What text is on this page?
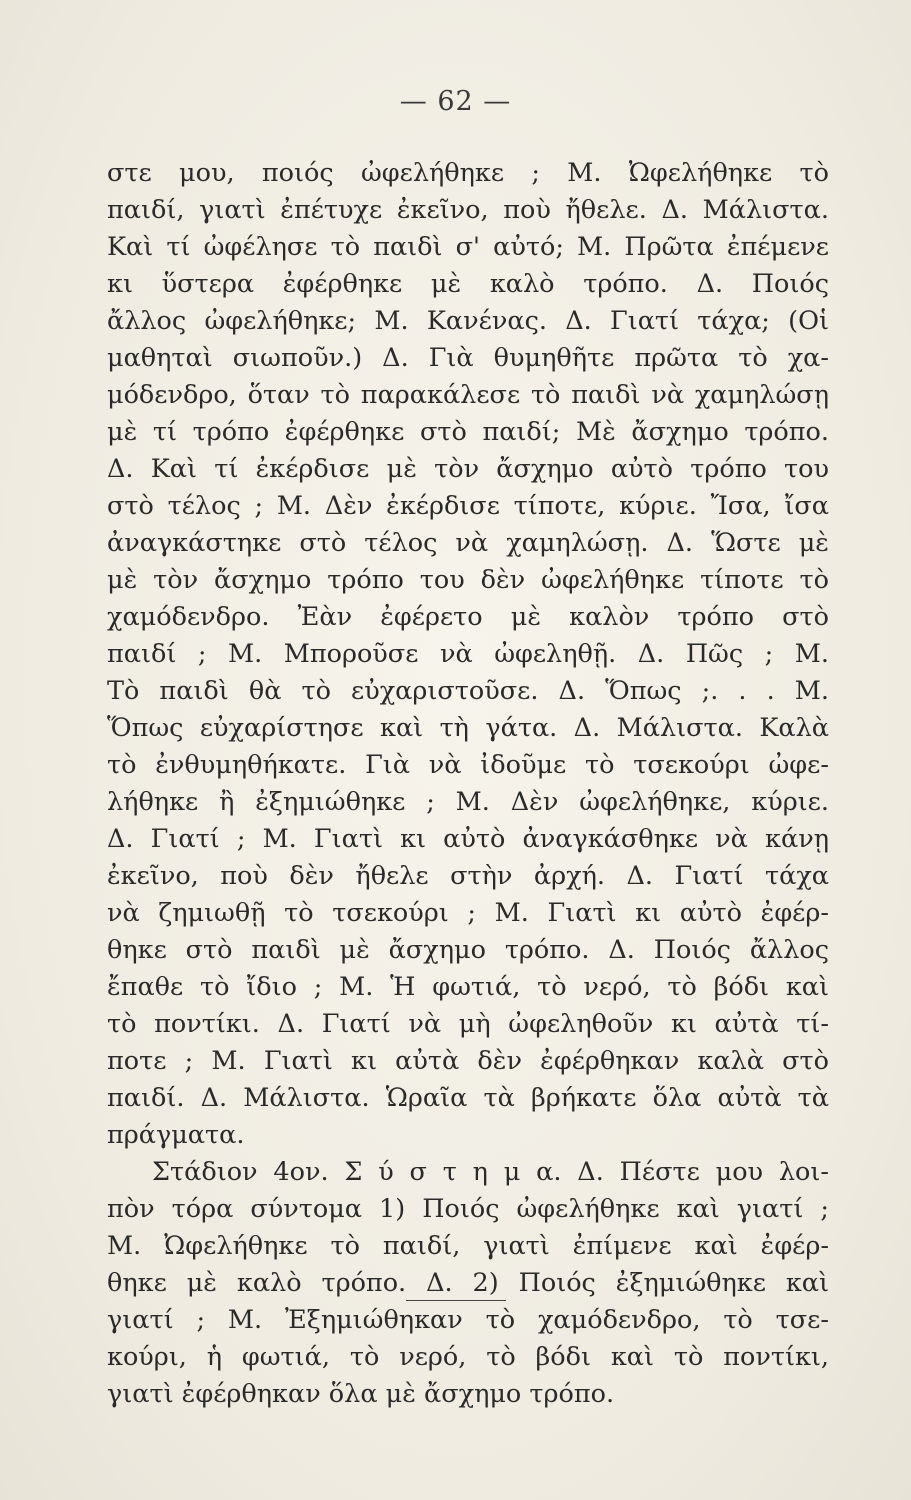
— 62 —
στε μου, ποιός ὠφελήθηκε ; Μ. Ὠφελήθηκε τὸ
παιδί, γιατὶ ἐπέτυχε ἐκεῖνο, ποὺ ἤθελε. Δ. Μάλιστα.
Καὶ τί ὠφέλησε τὸ παιδὶ σ' αὐτό; Μ. Πρῶτα ἐπέμενε
κι ὕστερα ἐφέρθηκε μὲ καλὸ τρόπο. Δ. Ποιός
ἄλλος ὠφελήθηκε; Μ. Κανένας. Δ. Γιατί τάχα; (Οἱ
μαθηταὶ σιωποῦν.) Δ. Γιὰ θυμηθῆτε πρῶτα τὸ χα-
μόδενδρο, ὅταν τὸ παρακάλεσε τὸ παιδὶ νὰ χαμηλώσῃ
μὲ τί τρόπο ἐφέρθηκε στὸ παιδί; Μὲ ἄσχημο τρόπο.
Δ. Καὶ τί ἐκέρδισε μὲ τὸν ἄσχημο αὐτὸ τρόπο του
στὸ τέλος ; Μ. Δὲν ἐκέρδισε τίποτε, κύριε. Ἴσα, ἴσα
ἀναγκάστηκε στὸ τέλος νὰ χαμηλώσῃ. Δ. Ὥστε μὲ
μὲ τὸν ἄσχημο τρόπο του δὲν ὠφελήθηκε τίποτε τὸ
χαμόδενδρο. Ἐὰν ἐφέρετο μὲ καλὸν τρόπο στὸ
παιδί ; Μ. Μποροῦσε νὰ ὠφεληθῇ. Δ. Πῶς ; Μ.
Τὸ παιδὶ θὰ τὸ εὐχαριστοῦσε. Δ. Ὅπως ;. . . Μ.
Ὅπως εὐχαρίστησε καὶ τὴ γάτα. Δ. Μάλιστα. Καλὰ
τὸ ἐνθυμηθήκατε. Γιὰ νὰ ἰδοῦμε τὸ τσεκούρι ὠφε-
λήθηκε ἢ ἐξημιώθηκε ; Μ. Δὲν ὠφελήθηκε, κύριε.
Δ. Γιατί ; Μ. Γιατὶ κι αὐτὸ ἀναγκάσθηκε νὰ κάνῃ
ἐκεῖνο, ποὺ δὲν ἤθελε στὴν ἀρχή. Δ. Γιατί τάχα
νὰ ζημιωθῇ τὸ τσεκούρι ; Μ. Γιατὶ κι αὐτὸ ἐφέρ-
θηκε στὸ παιδὶ μὲ ἄσχημο τρόπο. Δ. Ποιός ἄλλος
ἔπαθε τὸ ἴδιο ; Μ. Ἡ φωτιά, τὸ νερό, τὸ βόδι καὶ
τὸ ποντίκι. Δ. Γιατί νὰ μὴ ὠφεληθοῦν κι αὐτὰ τί-
ποτε ; Μ. Γιατὶ κι αὐτὰ δὲν ἐφέρθηκαν καλὰ στὸ
παιδί. Δ. Μάλιστα. Ὡραῖα τὰ βρήκατε ὅλα αὐτὰ τὰ
πράγματα.
Στάδιον 4ον. Σ ύ σ τ η μ α. Δ. Πέστε μου λοι-
πὸν τόρα σύντομα 1) Ποιός ὠφελήθηκε καὶ γιατί ;
Μ. Ὠφελήθηκε τὸ παιδί, γιατὶ ἐπίμενε καὶ ἐφέρ-
θηκε μὲ καλὸ τρόπο. Δ. 2) Ποιός ἐξημιώθηκε καὶ
γιατί ; Μ. Ἐξημιώθηκαν τὸ χαμόδενδρο, τὸ τσε-
κούρι, ἡ φωτιά, τὸ νερό, τὸ βόδι καὶ τὸ ποντίκι,
γιατὶ ἐφέρθηκαν ὅλα μὲ ἄσχημο τρόπο.
